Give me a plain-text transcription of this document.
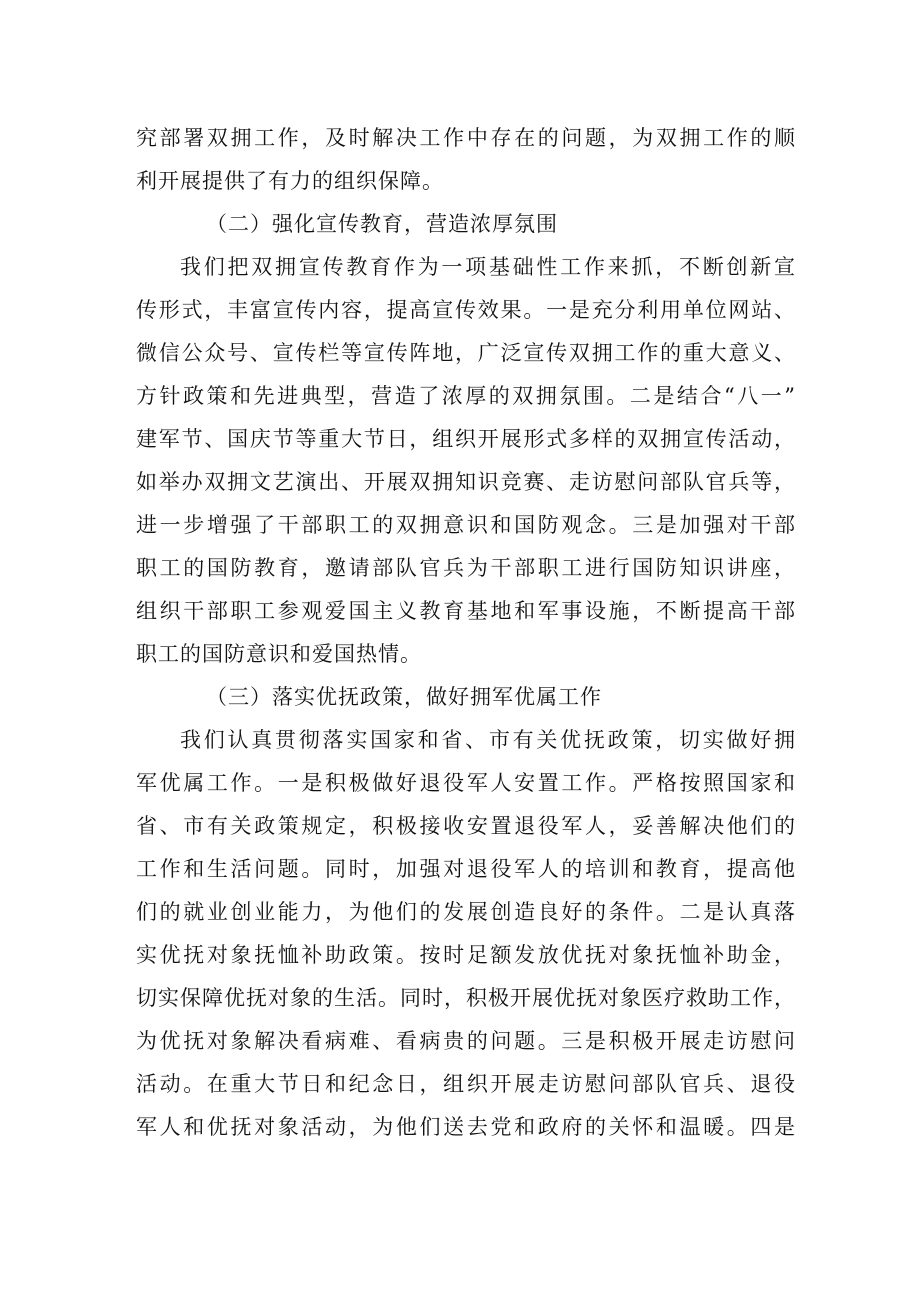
究部署双拥工作，及时解决工作中存在的问题，为双拥工作的顺
利开展提供了有力的组织保障。
（二）强化宣传教育，营造浓厚氛围
我们把双拥宣传教育作为一项基础性工作来抓，不断创新宣
传形式，丰富宣传内容，提高宣传效果。一是充分利用单位网站、
微信公众号、宣传栏等宣传阵地，广泛宣传双拥工作的重大意义、
方针政策和先进典型，营造了浓厚的双拥氛围。二是结合“八一”
建军节、国庆节等重大节日，组织开展形式多样的双拥宣传活动，
如举办双拥文艺演出、开展双拥知识竞赛、走访慰问部队官兵等，
进一步增强了干部职工的双拥意识和国防观念。三是加强对干部
职工的国防教育，邀请部队官兵为干部职工进行国防知识讲座，
组织干部职工参观爱国主义教育基地和军事设施，不断提高干部
职工的国防意识和爱国热情。
（三）落实优抚政策，做好拥军优属工作
我们认真贯彻落实国家和省、市有关优抚政策，切实做好拥
军优属工作。一是积极做好退役军人安置工作。严格按照国家和
省、市有关政策规定，积极接收安置退役军人，妥善解决他们的
工作和生活问题。同时，加强对退役军人的培训和教育，提高他
们的就业创业能力，为他们的发展创造良好的条件。二是认真落
实优抚对象抚恤补助政策。按时足额发放优抚对象抚恤补助金，
切实保障优抚对象的生活。同时，积极开展优抚对象医疗救助工作，
为优抚对象解决看病难、看病贵的问题。三是积极开展走访慰问
活动。在重大节日和纪念日，组织开展走访慰问部队官兵、退役
军人和优抚对象活动，为他们送去党和政府的关怀和温暖。四是
